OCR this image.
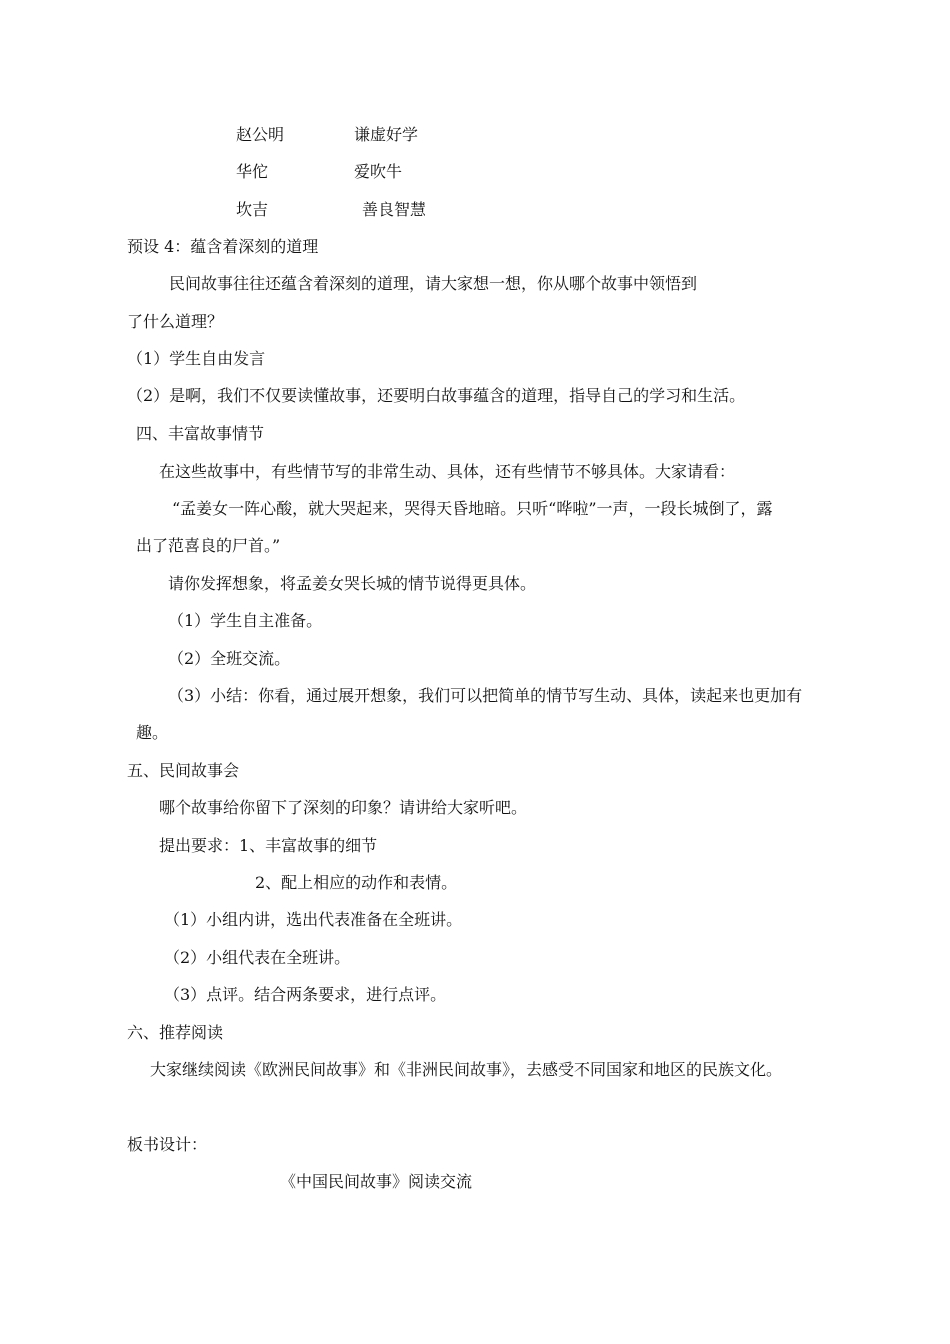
赵公明	谦虚好学
华佗	爱吹牛
坎吉	善良智慧
预设 4：蕴含着深刻的道理
民间故事往往还蕴含着深刻的道理，请大家想一想，你从哪个故事中领悟到
了什么道理？
（1）学生自由发言
（2）是啊，我们不仅要读懂故事，还要明白故事蕴含的道理，指导自己的学习和生活。
四、丰富故事情节
在这些故事中，有些情节写的非常生动、具体，还有些情节不够具体。大家请看：
“孟姜女一阵心酸，就大哭起来，哭得天昏地暗。只听“哗啦”一声，一段长城倒了，露
出了范喜良的尸首。”
请你发挥想象，将孟姜女哭长城的情节说得更具体。
（1）学生自主准备。
（2）全班交流。
（3）小结：你看，通过展开想象，我们可以把简单的情节写生动、具体，读起来也更加有
趣。
五、民间故事会
哪个故事给你留下了深刻的印象？请讲给大家听吧。
提出要求：1、丰富故事的细节
2、配上相应的动作和表情。
（1）小组内讲，选出代表准备在全班讲。
（2）小组代表在全班讲。
（3）点评。结合两条要求，进行点评。
六、推荐阅读
大家继续阅读《欧洲民间故事》和《非洲民间故事》，去感受不同国家和地区的民族文化。
板书设计：
《中国民间故事》阅读交流
